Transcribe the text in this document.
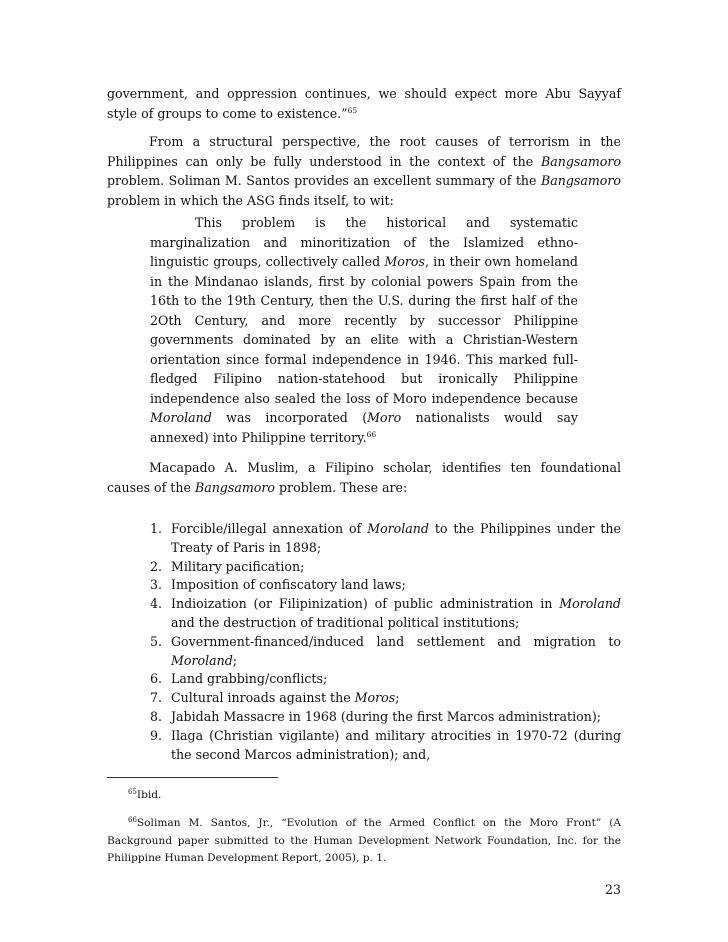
government, and oppression continues, we should expect more Abu Sayyaf style of groups to come to existence.”$^{65}$

From a structural perspective, the root causes of terrorism in the Philippines can only be fully understood in the context of the Bangsamoro problem. Soliman M. Santos provides an excellent summary of the Bangsamoro problem in which the ASG finds itself, to wit:

This problem is the historical and systematic marginalization and minoritization of the Islamized ethno-linguistic groups, collectively called Moros, in their own homeland in the Mindanao islands, first by colonial powers Spain from the 16th to the 19th Century, then the U.S. during the first half of the 2Oth Century, and more recently by successor Philippine governments dominated by an elite with a Christian-Western orientation since formal independence in 1946. This marked full-fledged Filipino nation-statehood but ironically Philippine independence also sealed the loss of Moro independence because Moroland was incorporated (Moro nationalists would say annexed) into Philippine territory.$^{66}$

Macapado A. Muslim, a Filipino scholar, identifies ten foundational causes of the Bangsamoro problem. These are:

1. Forcible/illegal annexation of Moroland to the Philippines under the Treaty of Paris in 1898;
2. Military pacification;
3. Imposition of confiscatory land laws;
4. Indioization (or Filipinization) of public administration in Moroland and the destruction of traditional political institutions;
5. Government-financed/induced land settlement and migration to Moroland;
6. Land grabbing/conflicts;
7. Cultural inroads against the Moros;
8. Jabidah Massacre in 1968 (during the first Marcos administration);
9. Ilaga (Christian vigilante) and military atrocities in 1970-72 (during the second Marcos administration); and,

$^{65}$Ibid.

$^{66}$Soliman M. Santos, Jr., “Evolution of the Armed Conflict on the Moro Front” (A Background paper submitted to the Human Development Network Foundation, Inc. for the Philippine Human Development Report, 2005), p. 1.

23
